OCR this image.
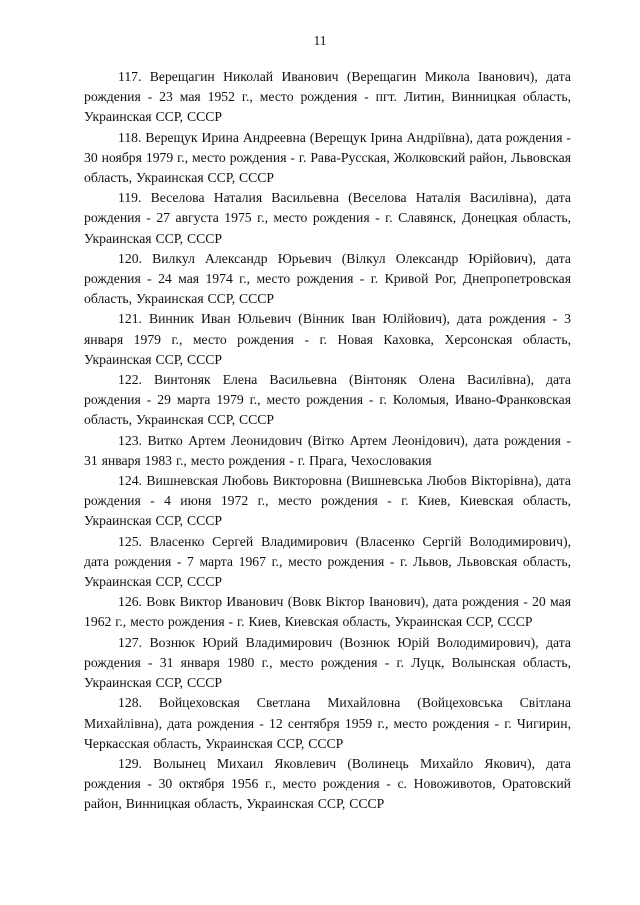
11

117. Верещагин Николай Иванович (Верещагин Микола Іванович), дата рождения - 23 мая 1952 г., место рождения - пгт. Литин, Винницкая область, Украинская ССР, СССР

118. Верещук Ирина Андреевна (Верещук Ірина Андріївна), дата рождения - 30 ноября 1979 г., место рождения - г. Рава-Русская, Жолковский район, Львовская область, Украинская ССР, СССР

119. Веселова Наталия Васильевна (Веселова Наталія Василівна), дата рождения - 27 августа 1975 г., место рождения - г. Славянск, Донецкая область, Украинская ССР, СССР

120. Вилкул Александр Юрьевич (Вілкул Олександр Юрійович), дата рождения - 24 мая 1974 г., место рождения - г. Кривой Рог, Днепропетровская область, Украинская ССР, СССР

121. Винник Иван Юльевич (Вінник Іван Юлійович), дата рождения - 3 января 1979 г., место рождения - г. Новая Каховка, Херсонская область, Украинская ССР, СССР

122. Винтоняк Елена Васильевна (Вінтоняк Олена Василівна), дата рождения - 29 марта 1979 г., место рождения - г. Коломыя, Ивано-Франковская область, Украинская ССР, СССР

123. Витко Артем Леонидович (Вітко Артем Леонідович), дата рождения - 31 января 1983 г., место рождения - г. Прага, Чехословакия

124. Вишневская Любовь Викторовна (Вишневська Любов Вікторівна), дата рождения - 4 июня 1972 г., место рождения - г. Киев, Киевская область, Украинская ССР, СССР

125. Власенко Сергей Владимирович (Власенко Сергій Володимирович), дата рождения - 7 марта 1967 г., место рождения - г. Львов, Львовская область, Украинская ССР, СССР

126. Вовк Виктор Иванович (Вовк Віктор Іванович), дата рождения - 20 мая 1962 г., место рождения - г. Киев, Киевская область, Украинская ССР, СССР

127. Вознюк Юрий Владимирович (Вознюк Юрій Володимирович), дата рождения - 31 января 1980 г., место рождения - г. Луцк, Волынская область, Украинская ССР, СССР

128. Войцеховская Светлана Михайловна (Войцеховська Світлана Михайлівна), дата рождения - 12 сентября 1959 г., место рождения - г. Чигирин, Черкасская область, Украинская ССР, СССР

129. Волынец Михаил Яковлевич (Волинець Михайло Якович), дата рождения - 30 октября 1956 г., место рождения - с. Новоживотов, Оратовский район, Винницкая область, Украинская ССР, СССР
